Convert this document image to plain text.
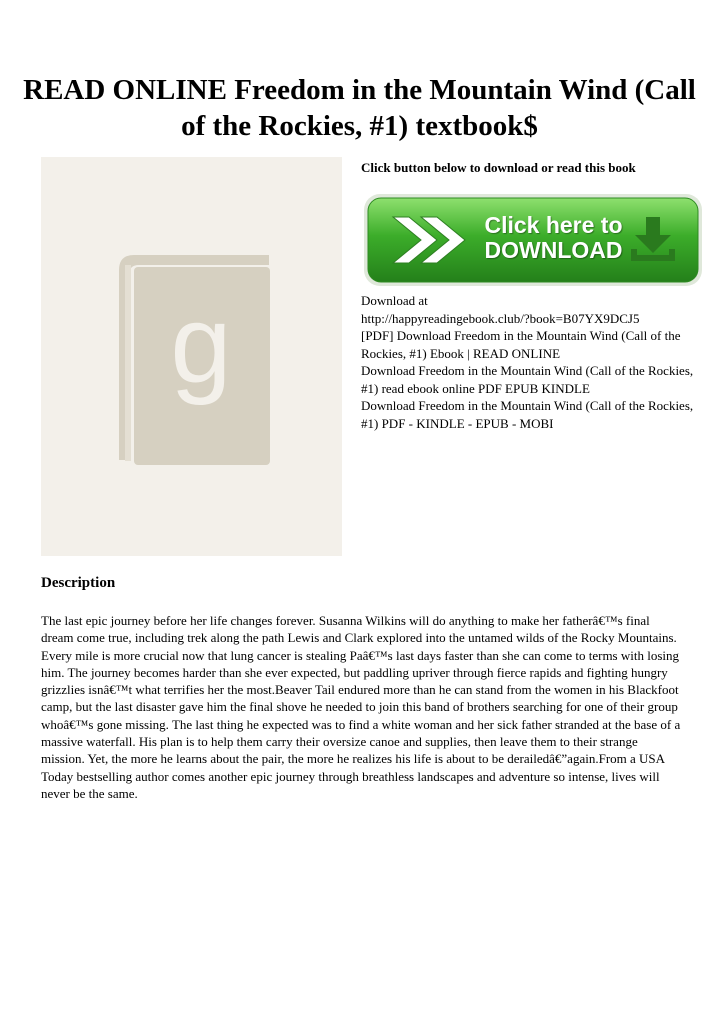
READ ONLINE Freedom in the Mountain Wind (Call of the Rockies, #1) textbook$
g
Click button below to download or read this book
Click here to
DOWNLOAD
Download at
http://happyreadingebook.club/?book=B07YX9DCJ5
[PDF] Download Freedom in the Mountain Wind (Call of the Rockies, #1) Ebook | READ ONLINE
Download Freedom in the Mountain Wind (Call of the Rockies, #1) read ebook online PDF EPUB KINDLE
Download Freedom in the Mountain Wind (Call of the Rockies, #1) PDF - KINDLE - EPUB - MOBI
Description

The last epic journey before her life changes forever. Susanna Wilkins will do anything to make her fatherâ€™s final dream come true, including trek along the path Lewis and Clark explored into the untamed wilds of the Rocky Mountains. Every mile is more crucial now that lung cancer is stealing Paâ€™s last days faster than she can come to terms with losing him. The journey becomes harder than she ever expected, but paddling upriver through fierce rapids and fighting hungry grizzlies isnâ€™t what terrifies her the most.Beaver Tail endured more than he can stand from the women in his Blackfoot camp, but the last disaster gave him the final shove he needed to join this band of brothers searching for one of their group whoâ€™s gone missing. The last thing he expected was to find a white woman and her sick father stranded at the base of a massive waterfall. His plan is to help them carry their oversize canoe and supplies, then leave them to their strange mission. Yet, the more he learns about the pair, the more he realizes his life is about to be derailedâ€”again.From a USA Today bestselling author comes another epic journey through breathless landscapes and adventure so intense, lives will never be the same.
